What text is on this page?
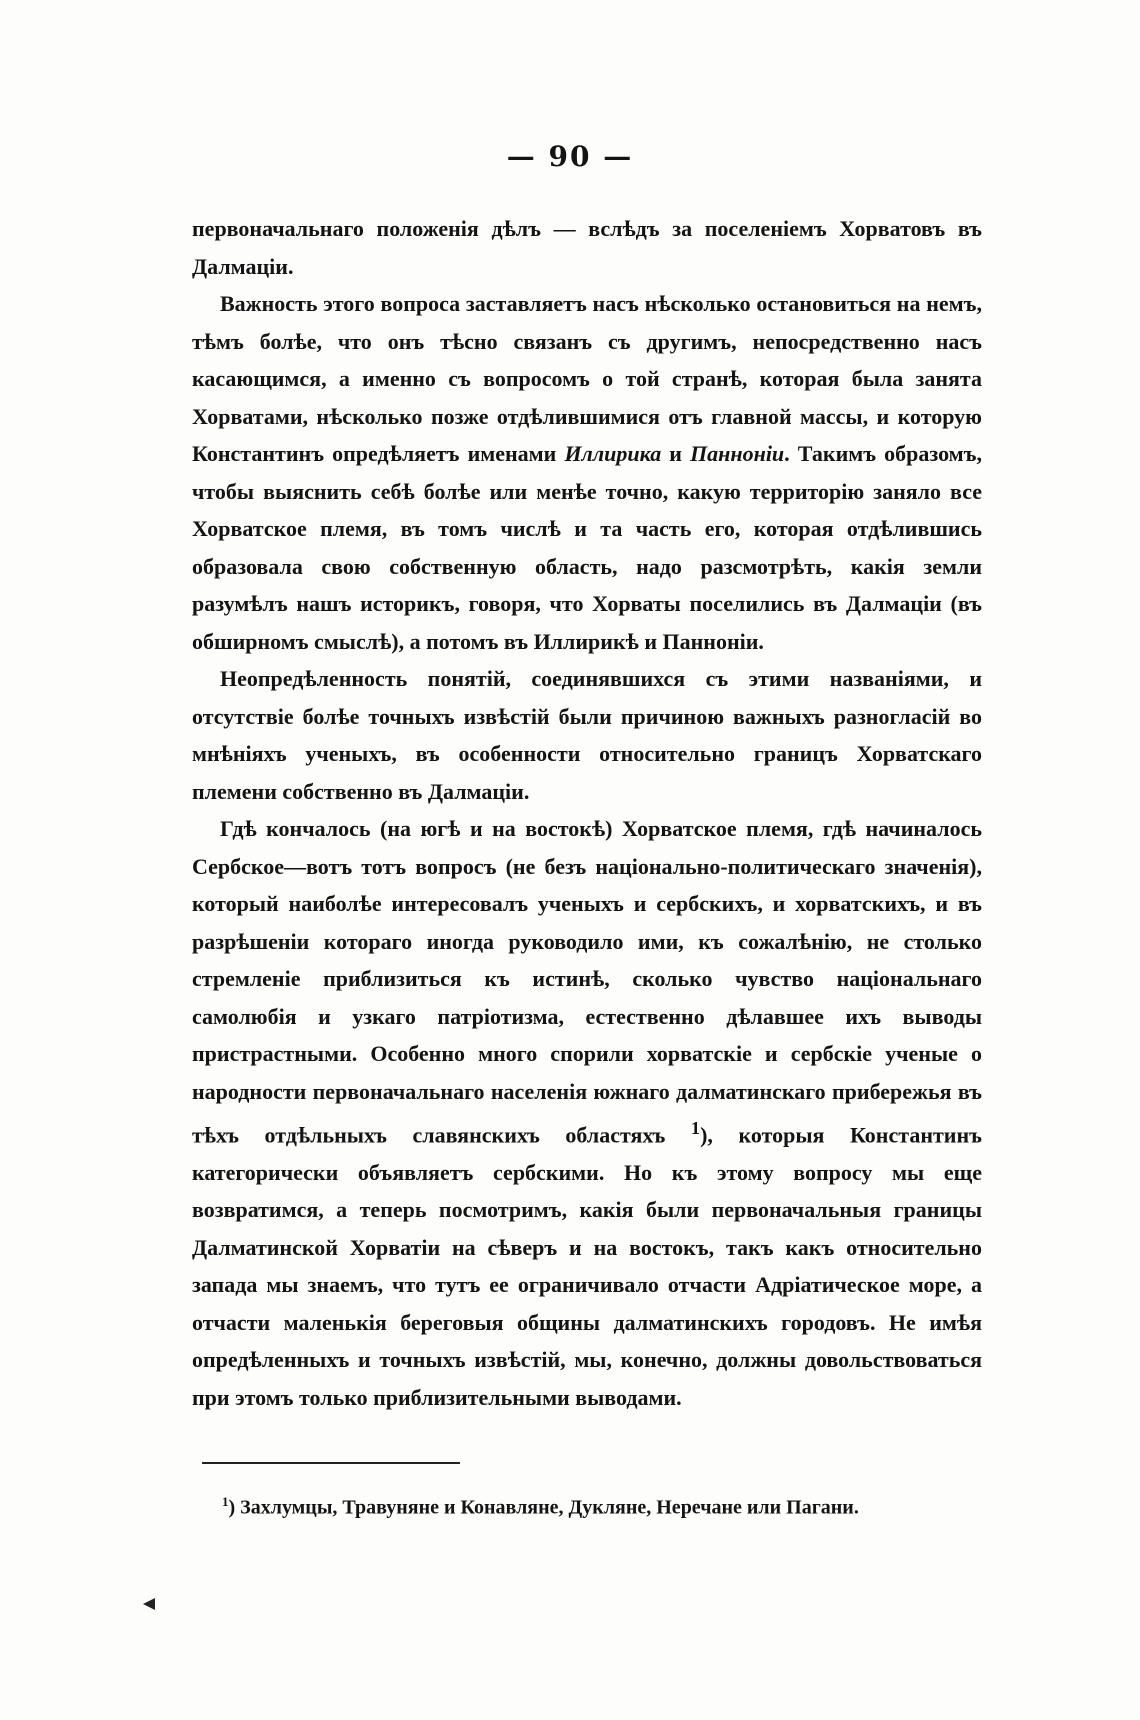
— 90 —

первоначальнаго положенія дѣлъ — вслѣдъ за поселеніемъ Хорватовъ въ Далмаціи.

Важность этого вопроса заставляетъ насъ нѣсколько остановиться на немъ, тѣмъ болѣе, что онъ тѣсно связанъ съ другимъ, непосредственно насъ касающимся, а именно съ вопросомъ о той странѣ, которая была занята Хорватами, нѣсколько позже отдѣлившимися отъ главной массы, и которую Константинъ опредѣляетъ именами Иллирика и Панноніи. Такимъ образомъ, чтобы выяснить себѣ болѣе или менѣе точно, какую территорію заняло все Хорватское племя, въ томъ числѣ и та часть его, которая отдѣлившись образовала свою собственную область, надо разсмотрѣть, какія земли разумѣлъ нашъ историкъ, говоря, что Хорваты поселились въ Далмаціи (въ обширномъ смыслѣ), а потомъ въ Иллирикѣ и Панноніи.

Неопредѣленность понятій, соединявшихся съ этими названіями, и отсутствіе болѣе точныхъ извѣстій были причиною важныхъ разногласій во мнѣніяхъ ученыхъ, въ особенности относительно границъ Хорватскаго племени собственно въ Далмаціи.

Гдѣ кончалось (на югѣ и на востокѣ) Хорватское племя, гдѣ начиналось Сербское—вотъ тотъ вопросъ (не безъ національно-политическаго значенія), который наиболѣе интересовалъ ученыхъ и сербскихъ, и хорватскихъ, и въ разрѣшеніи котораго иногда руководило ими, къ сожалѣнію, не столько стремленіе приблизиться къ истинѣ, сколько чувство національнаго самолюбія и узкаго патріотизма, естественно дѣлавшее ихъ выводы пристрастными. Особенно много спорили хорватскіе и сербскіе ученые о народности первоначальнаго населенія южнаго далматинскаго прибережья въ тѣхъ отдѣльныхъ славянскихъ областяхъ $^1$), которыя Константинъ категорически объявляетъ сербскими. Но къ этому вопросу мы еще возвратимся, а теперь посмотримъ, какія были первоначальныя границы Далматинской Хорватіи на сѣверъ и на востокъ, такъ какъ относительно запада мы знаемъ, что тутъ ее ограничивало отчасти Адріатическое море, а отчасти маленькія береговыя общины далматинскихъ городовъ. Не имѣя опредѣленныхъ и точныхъ извѣстій, мы, конечно, должны довольствоваться при этомъ только приблизительными выводами.

$^1$) Захлумцы, Травуняне и Конавляне, Дукляне, Неречане или Пагани.
